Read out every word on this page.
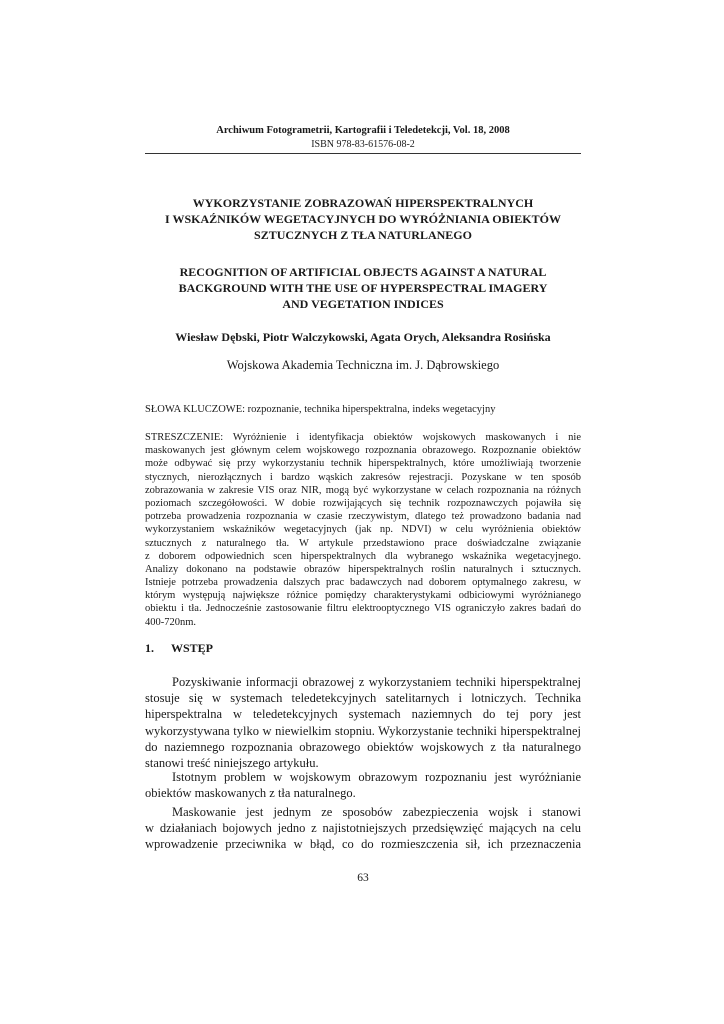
Archiwum Fotogrametrii, Kartografii i Teledetekcji, Vol. 18, 2008
ISBN 978-83-61576-08-2
WYKORZYSTANIE ZOBRAZOWAŃ HIPERSPEKTRALNYCH
I WSKAŹNIKÓW WEGETACYJNYCH DO WYRÓŻNIANIA OBIEKTÓW
SZTUCZNYCH Z TŁA NATURLANEGO
RECOGNITION OF ARTIFICIAL OBJECTS AGAINST A NATURAL
BACKGROUND WITH THE USE OF HYPERSPECTRAL IMAGERY
AND VEGETATION INDICES
Wiesław Dębski, Piotr Walczykowski, Agata Orych, Aleksandra Rosińska
Wojskowa Akademia Techniczna im. J. Dąbrowskiego
SŁOWA KLUCZOWE: rozpoznanie, technika hiperspektralna, indeks wegetacyjny
STRESZCZENIE: Wyróżnienie i identyfikacja obiektów wojskowych maskowanych i nie
maskowanych jest głównym celem wojskowego rozpoznania obrazowego. Rozpoznanie obiektów
może odbywać się przy wykorzystaniu technik hiperspektralnych, które umożliwiają tworzenie
stycznych, nierozłącznych i bardzo wąskich zakresów rejestracji. Pozyskane w ten sposób
zobrazowania w zakresie VIS oraz NIR, mogą być wykorzystane w celach rozpoznania na różnych
poziomach szczegółowości. W dobie rozwijających się technik rozpoznawczych pojawiła się
potrzeba prowadzenia rozpoznania w czasie rzeczywistym, dlatego też prowadzono badania nad
wykorzystaniem wskaźników wegetacyjnych (jak np. NDVI) w celu wyróżnienia obiektów
sztucznych z naturalnego tła. W artykule przedstawiono prace doświadczalne związanie
z doborem odpowiednich scen hiperspektralnych dla wybranego wskaźnika wegetacyjnego.
Analizy dokonano na podstawie obrazów hiperspektralnych roślin naturalnych i sztucznych.
Istnieje potrzeba prowadzenia dalszych prac badawczych nad doborem optymalnego zakresu, w
którym występują największe różnice pomiędzy charakterystykami odbiciowymi wyróżnianego
obiektu i tła. Jednocześnie zastosowanie filtru elektrooptycznego VIS ograniczyło zakres badań do
400-720nm.
1. WSTĘP
Pozyskiwanie informacji obrazowej z wykorzystaniem techniki hiperspektralnej
stosuje się w systemach teledetekcyjnych satelitarnych i lotniczych. Technika
hiperspektralna w teledetekcyjnych systemach naziemnych do tej pory jest
wykorzystywana tylko w niewielkim stopniu. Wykorzystanie techniki hiperspektralnej
do naziemnego rozpoznania obrazowego obiektów wojskowych z tła naturalnego
stanowi treść niniejszego artykułu.
Istotnym problem w wojskowym obrazowym rozpoznaniu jest wyróżnianie
obiektów maskowanych z tła naturalnego.
Maskowanie jest jednym ze sposobów zabezpieczenia wojsk i stanowi
w działaniach bojowych jedno z najistotniejszych przedsięwzięć mających na celu
wprowadzenie przeciwnika w błąd, co do rozmieszczenia sił, ich przeznaczenia
63
